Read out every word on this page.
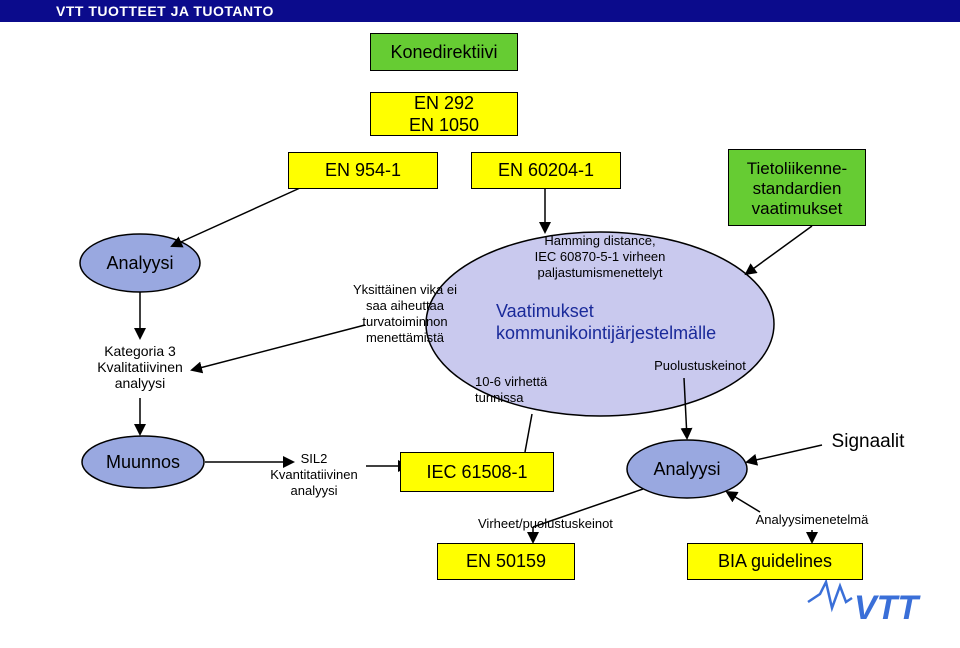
VTT TUOTTEET JA TUOTANTO
VTT
Konedirektiivi
EN 292
EN 1050
EN 954-1	EN 60204-1	Tietoliikenne-
standardien
vaatimukset
IEC 61508-1
EN 50159	BIA guidelines
Analyysi
Muunnos	Analyysi
Kategoria 3
Kvalitatiivinen
analyysi
Yksittäinen vika ei
saa aiheuttaa
turvatoiminnon
menettämistä
Hamming distance,
IEC 60870-5-1 virheen
paljastumismenettelyt
Vaatimukset
kommunikointijärjestelmälle
Puolustuskeinot
10-6 virhettä
tunnissa
SIL2
Kvantitatiivinen
analyysi
Signaalit
Virheet/puolustuskeinot	Analyysimenetelmä
